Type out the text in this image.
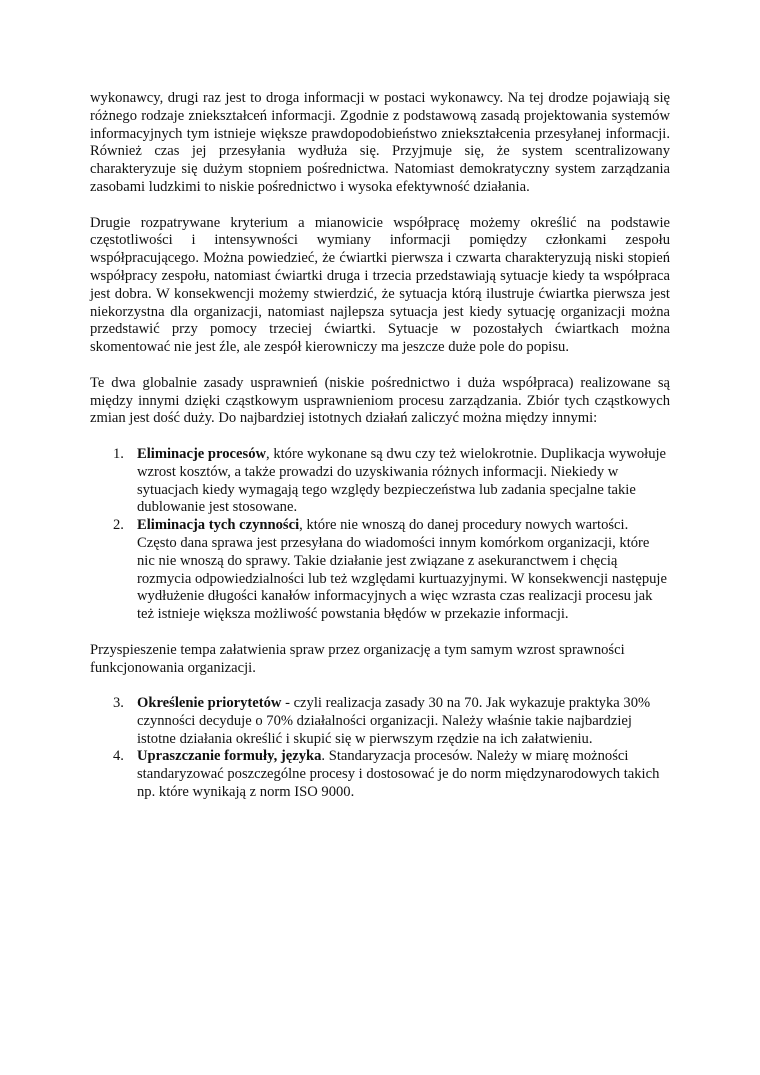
wykonawcy, drugi raz jest to droga informacji w postaci wykonawcy. Na tej drodze pojawiają się różnego rodzaje zniekształceń informacji. Zgodnie z podstawową zasadą projektowania systemów informacyjnych tym istnieje większe prawdopodobieństwo zniekształcenia przesyłanej informacji. Również czas jej przesyłania wydłuża się. Przyjmuje się, że system scentralizowany charakteryzuje się dużym stopniem pośrednictwa. Natomiast demokratyczny system zarządzania zasobami ludzkimi to niskie pośrednictwo i wysoka efektywność działania.

Drugie rozpatrywane kryterium a mianowicie współpracę możemy określić na podstawie częstotliwości i intensywności wymiany informacji pomiędzy członkami zespołu współpracującego. Można powiedzieć, że ćwiartki pierwsza i czwarta charakteryzują niski stopień współpracy zespołu, natomiast ćwiartki druga i trzecia przedstawiają sytuacje kiedy ta współpraca jest dobra. W konsekwencji możemy stwierdzić, że sytuacja którą ilustruje ćwiartka pierwsza jest niekorzystna dla organizacji, natomiast najlepsza sytuacja jest kiedy sytuację organizacji można przedstawić przy pomocy trzeciej ćwiartki. Sytuacje w pozostałych ćwiartkach można skomentować nie jest źle, ale zespół kierowniczy ma jeszcze duże pole do popisu.

Te dwa globalnie zasady usprawnień (niskie pośrednictwo i duża współpraca) realizowane są między innymi dzięki cząstkowym usprawnieniom procesu zarządzania. Zbiór tych cząstkowych zmian jest dość duży. Do najbardziej istotnych działań zaliczyć można między innymi:

1. Eliminacje procesów, które wykonane są dwu czy też wielokrotnie. Duplikacja wywołuje wzrost kosztów, a także prowadzi do uzyskiwania różnych informacji. Niekiedy w sytuacjach kiedy wymagają tego względy bezpieczeństwa lub zadania specjalne takie dublowanie jest stosowane.
2. Eliminacja tych czynności, które nie wnoszą do danej procedury nowych wartości. Często dana sprawa jest przesyłana do wiadomości innym komórkom organizacji, które nic nie wnoszą do sprawy. Takie działanie jest związane z asekuranctwem i chęcią rozmycia odpowiedzialności lub też względami kurtuazyjnymi. W konsekwencji następuje wydłużenie długości kanałów informacyjnych a więc wzrasta czas realizacji procesu jak też istnieje większa możliwość powstania błędów w przekazie informacji.

Przyspieszenie tempa załatwienia spraw przez organizację a tym samym wzrost sprawności funkcjonowania organizacji.

3. Określenie priorytetów - czyli realizacja zasady 30 na 70. Jak wykazuje praktyka 30% czynności decyduje o 70% działalności organizacji. Należy właśnie takie najbardziej istotne działania określić i skupić się w pierwszym rzędzie na ich załatwieniu.
4. Upraszczanie formuły, języka. Standaryzacja procesów. Należy w miarę możności standaryzować poszczególne procesy i dostosować je do norm międzynarodowych takich np. które wynikają z norm ISO 9000.
